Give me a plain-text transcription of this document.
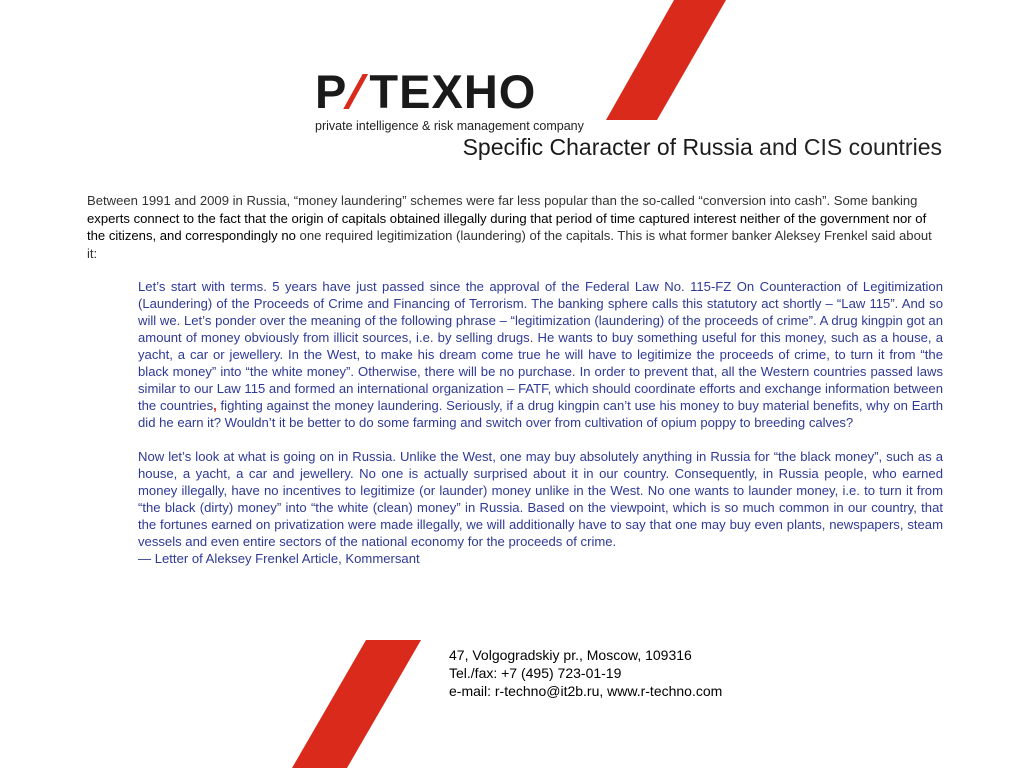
P/TEXHO
private intelligence & risk management company
Specific Character of Russia and CIS countries
Between 1991 and 2009 in Russia, “money laundering” schemes were far less popular than the so-called “conversion into cash”. Some banking experts connect to the fact that the origin of capitals obtained illegally during that period of time captured interest neither of the government nor of the citizens, and correspondingly no one required legitimization (laundering) of the capitals. This is what former banker Aleksey Frenkel said about it:

Let’s start with terms. 5 years have just passed since the approval of the Federal Law No. 115-FZ On Counteraction of Legitimization (Laundering) of the Proceeds of Crime and Financing of Terrorism. The banking sphere calls this statutory act shortly – “Law 115”. And so will we. Let’s ponder over the meaning of the following phrase – “legitimization (laundering) of the proceeds of crime”. A drug kingpin got an amount of money obviously from illicit sources, i.e. by selling drugs. He wants to buy something useful for this money, such as a house, a yacht, a car or jewellery. In the West, to make his dream come true he will have to legitimize the proceeds of crime, to turn it from “the black money” into “the white money”. Otherwise, there will be no purchase. In order to prevent that, all the Western countries passed laws similar to our Law 115 and formed an international organization – FATF, which should coordinate efforts and exchange information between the countries, fighting against the money laundering. Seriously, if a drug kingpin can’t use his money to buy material benefits, why on Earth did he earn it? Wouldn’t it be better to do some farming and switch over from cultivation of opium poppy to breeding calves?

Now let’s look at what is going on in Russia. Unlike the West, one may buy absolutely anything in Russia for “the black money”, such as a house, a yacht, a car and jewellery. No one is actually surprised about it in our country. Consequently, in Russia people, who earned money illegally, have no incentives to legitimize (or launder) money unlike in the West. No one wants to launder money, i.e. to turn it from “the black (dirty) money” into “the white (clean) money” in Russia. Based on the viewpoint, which is so much common in our country, that the fortunes earned on privatization were made illegally, we will additionally have to say that one may buy even plants, newspapers, steam vessels and even entire sectors of the national economy for the proceeds of crime.

— Letter of Aleksey Frenkel Article, Kommersant

47, Volgogradskiy pr., Moscow, 109316
Tel./fax: +7 (495) 723-01-19
e-mail: r-techno@it2b.ru, www.r-techno.com
